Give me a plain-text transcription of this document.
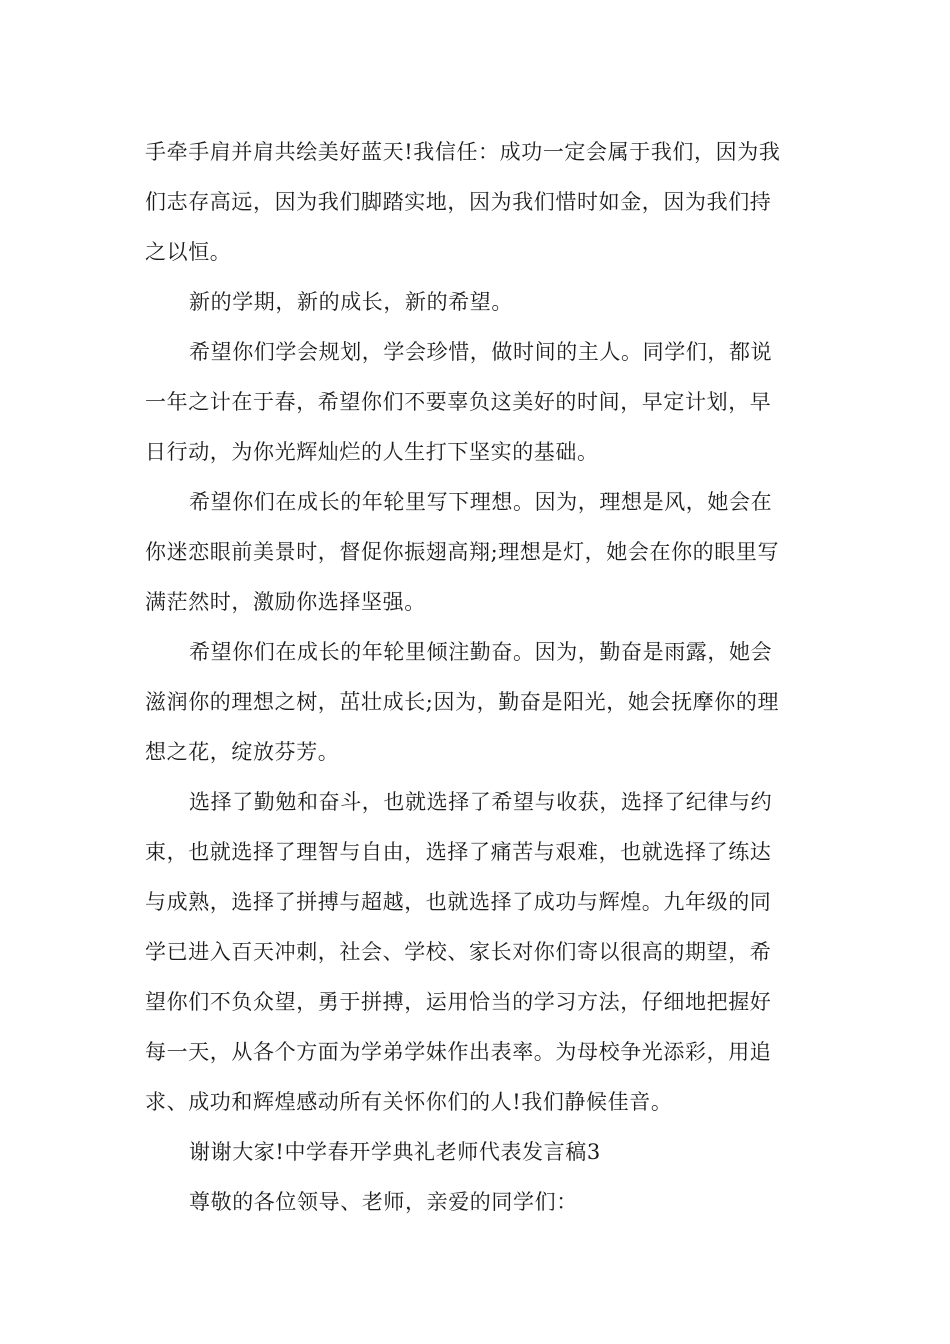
手牵手肩并肩共绘美好蓝天!我信任：成功一定会属于我们，因为我
们志存高远，因为我们脚踏实地，因为我们惜时如金，因为我们持
之以恒。

新的学期，新的成长，新的希望。

希望你们学会规划，学会珍惜，做时间的主人。同学们，都说
一年之计在于春，希望你们不要辜负这美好的时间，早定计划，早
日行动，为你光辉灿烂的人生打下坚实的基础。

希望你们在成长的年轮里写下理想。因为，理想是风，她会在
你迷恋眼前美景时，督促你振翅高翔;理想是灯，她会在你的眼里写
满茫然时，激励你选择坚强。

希望你们在成长的年轮里倾注勤奋。因为，勤奋是雨露，她会
滋润你的理想之树，茁壮成长;因为，勤奋是阳光，她会抚摩你的理
想之花，绽放芬芳。

选择了勤勉和奋斗，也就选择了希望与收获，选择了纪律与约
束，也就选择了理智与自由，选择了痛苦与艰难，也就选择了练达
与成熟，选择了拼搏与超越，也就选择了成功与辉煌。九年级的同
学已进入百天冲刺，社会、学校、家长对你们寄以很高的期望，希
望你们不负众望，勇于拼搏，运用恰当的学习方法，仔细地把握好
每一天，从各个方面为学弟学妹作出表率。为母校争光添彩，用追
求、成功和辉煌感动所有关怀你们的人!我们静候佳音。

谢谢大家!中学春开学典礼老师代表发言稿3

尊敬的各位领导、老师，亲爱的同学们：
